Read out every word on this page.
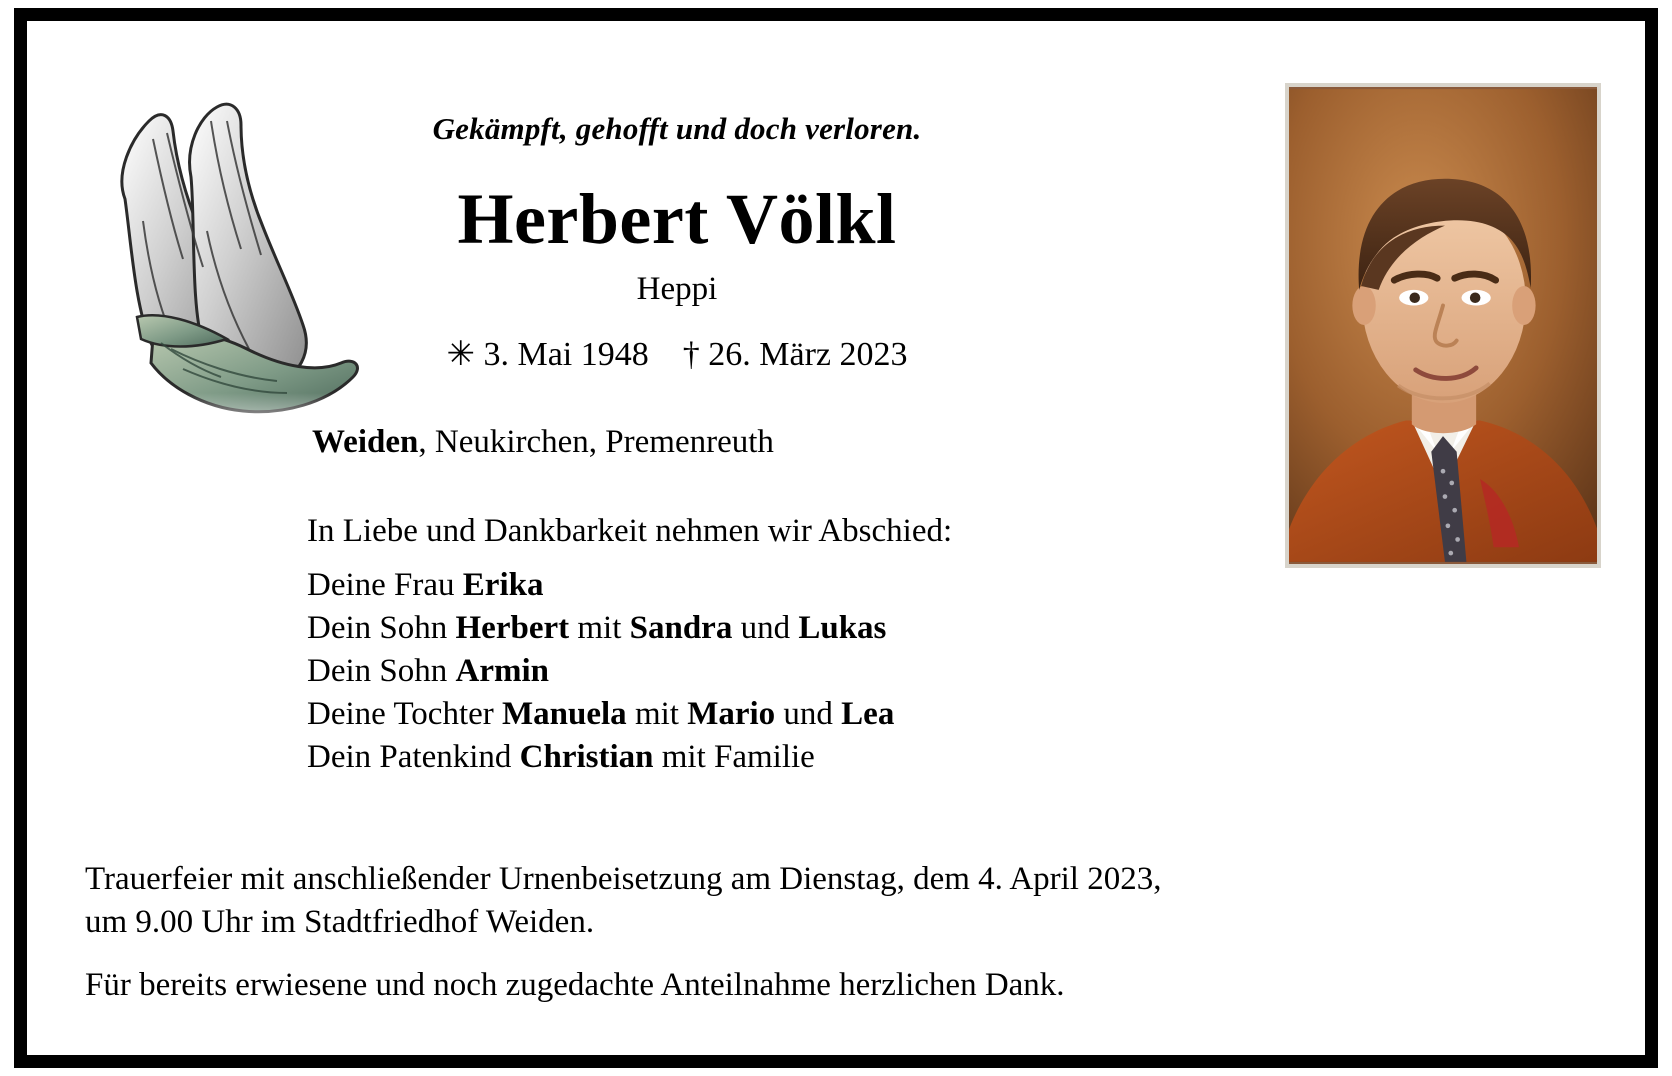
Gekämpft, gehofft und doch verloren.
Herbert Völkl
Heppi
✳ 3. Mai 1948    † 26. März 2023
Weiden, Neukirchen, Premenreuth
In Liebe und Dankbarkeit nehmen wir Abschied:
Deine Frau Erika
Dein Sohn Herbert mit Sandra und Lukas
Dein Sohn Armin
Deine Tochter Manuela mit Mario und Lea
Dein Patenkind Christian mit Familie

Trauerfeier mit anschließender Urnenbeisetzung am Dienstag, dem 4. April 2023,

um 9.00 Uhr im Stadtfriedhof Weiden.

Für bereits erwiesene und noch zugedachte Anteilnahme herzlichen Dank.
